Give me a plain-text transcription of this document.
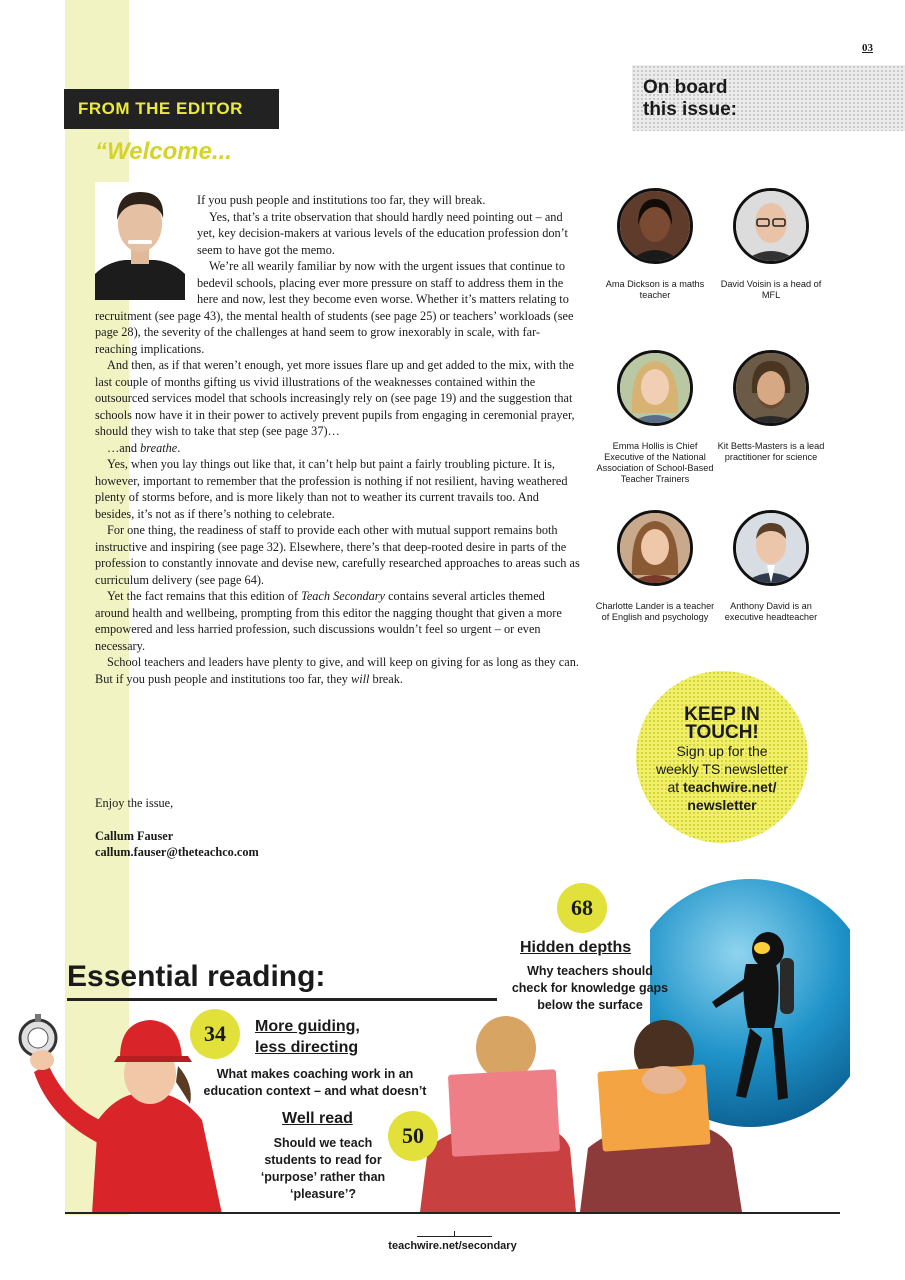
03
FROM THE EDITOR
“Welcome...

If you push people and institutions too far, they will break.

Yes, that’s a trite observation that should hardly need pointing out – and yet, key decision-makers at various levels of the education profession don’t seem to have got the memo.

We’re all wearily familiar by now with the urgent issues that continue to bedevil schools, placing ever more pressure on staff to address them in the here and now, lest they become even worse. Whether it’s matters relating to recruitment (see page 43), the mental health of students (see page 25) or teachers’ workloads (see page 28), the severity of the challenges at hand seem to grow inexorably in scale, with far-reaching implications.

And then, as if that weren’t enough, yet more issues flare up and get added to the mix, with the last couple of months gifting us vivid illustrations of the weaknesses contained within the outsourced services model that schools increasingly rely on (see page 19) and the suggestion that schools now have it in their power to actively prevent pupils from engaging in ceremonial prayer, should they wish to take that step (see page 37)…

…and breathe.

Yes, when you lay things out like that, it can’t help but paint a fairly troubling picture. It is, however, important to remember that the profession is nothing if not resilient, having weathered plenty of storms before, and is more likely than not to weather its current travails too. And besides, it’s not as if there’s nothing to celebrate.

For one thing, the readiness of staff to provide each other with mutual support remains both instructive and inspiring (see page 32). Elsewhere, there’s that deep-rooted desire in parts of the profession to constantly innovate and devise new, carefully researched approaches to areas such as curriculum delivery (see page 64).

Yet the fact remains that this edition of Teach Secondary contains several articles themed around health and wellbeing, prompting from this editor the nagging thought that given a more empowered and less harried profession, such discussions wouldn’t feel so urgent – or even necessary.

School teachers and leaders have plenty to give, and will keep on giving for as long as they can. But if you push people and institutions too far, they will break.

Enjoy the issue,
Callum Fauser
callum.fauser@theteachco.com
On board
this issue:
Ama Dickson is a maths teacher
David Voisin is a head of MFL
Emma Hollis is Chief Executive of the National Association of School-Based Teacher Trainers
Kit Betts-Masters is a lead practitioner for science
Charlotte Lander is a teacher of English and psychology
Anthony David is an executive headteacher
KEEP IN
TOUCH!
Sign up for the
weekly TS newsletter
at teachwire.net/
newsletter
Essential reading:
68
Hidden depths
Why teachers should
check for knowledge gaps
below the surface
34	More guiding,
less directing
What makes coaching work in an
education context – and what doesn’t
Well read
50
Should we teach
students to read for
‘purpose’ rather than
‘pleasure’?
teachwire.net/secondary
